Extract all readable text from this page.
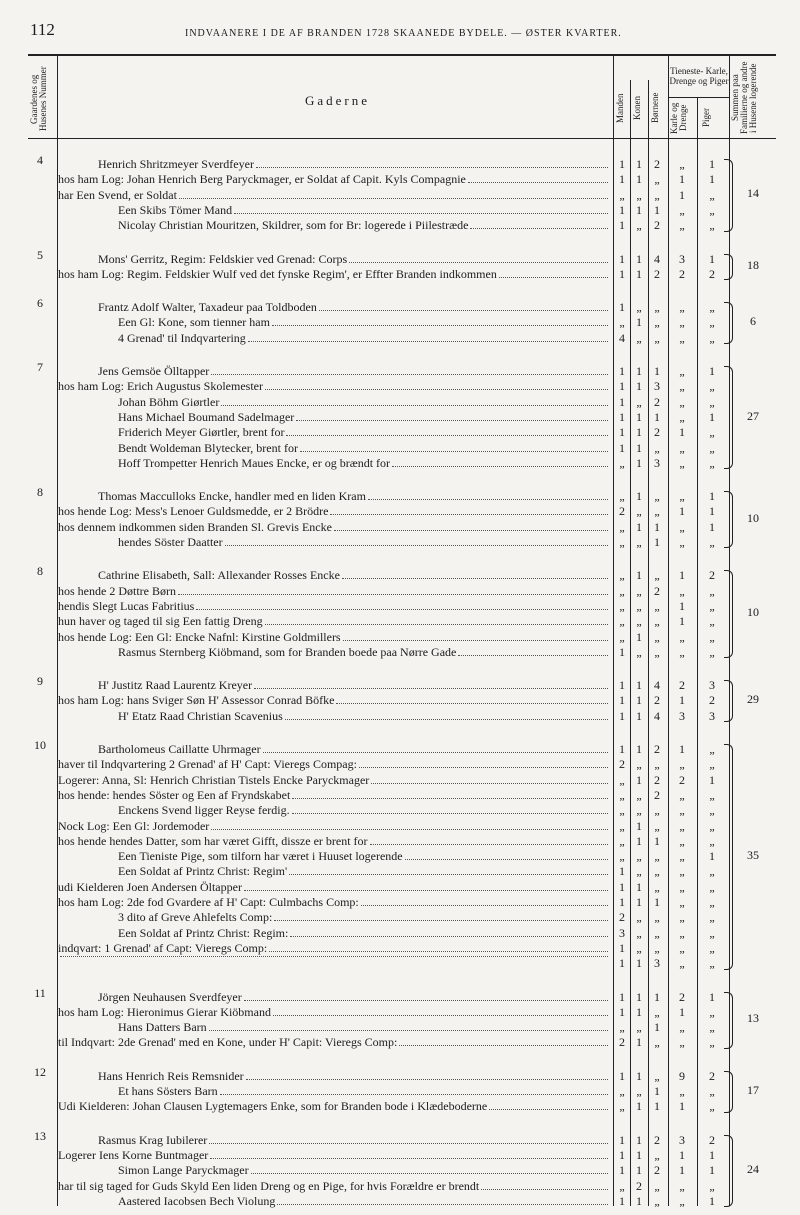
112	INDVAANERE I DE AF BRANDEN 1728 SKAANEDE BYDELE. — ØSTER KVARTER.
Gaardenes og Husenes Nummer	Gaderne	Manden Konen Børnene
Tieneste- Karle, Drenge og Piger
Karle og Drenge	Piger	Summen paa Familierne og andre i Husene logerende
4	Henrich Shritzmeyer Sverdfeyer	1 1	2	„	1
hos ham Log: Johan Henrich Berg Paryckmager, er Soldat af Capit. Kyls Compagnie	1 1	„	1	1
har Een Svend, er Soldat	„ „	„	1	„
Een Skibs Tömer Mand	1 1	1	„	„
Nicolay Christian Mouritzen, Skildrer, som for Br: logerede i Piilestræde	1 „	2	„	„
14
5	Mons' Gerritz, Regim: Feldskier ved Grenad: Corps	1 1	4	3	1
hos ham Log: Regim. Feldskier Wulf ved det fynske Regim', er Effter Branden indkommen	1 1	2	2	2
18
6	Frantz Adolf Walter, Taxadeur paa Toldboden	1 „	„	„	„
Een Gl: Kone, som tienner ham	„ 1	„	„	„
4 Grenad' til Indqvartering	4 „	„	„	„
6
7	Jens Gemsöe Ölltapper	1 1	1	„	1
hos ham Log: Erich Augustus Skolemester	1 1	3	„	„
Johan Böhm Giørtler	1 „	2	„	„
Hans Michael Boumand Sadelmager	1 1	1	„	1
Friderich Meyer Giørtler, brent for	1 1	2	1	„
Bendt Woldeman Blytecker, brent for	1 1	„	„	„
Hoff Trompetter Henrich Maues Encke, er og brændt for	„ 1	3	„	„
27
8	Thomas Macculloks Encke, handler med en liden Kram	„ 1	„	„	1
hos hende Log: Mess's Lenoer Guldsmedde, er 2 Brödre	2 „	„	1	1
hos dennem indkommen siden Branden Sl. Grevis Encke	„ 1	1	„	1
hendes Söster Daatter	„ „	1	„	„
10
8	Cathrine Elisabeth, Sall: Allexander Rosses Encke	„ 1	„	1	2
hos hende 2 Døttre Børn	„ „	2	„	„
hendis Slegt Lucas Fabritius	„ „	„	1	„
hun haver og taged til sig Een fattig Dreng	„ „	„	1	„
hos hende Log: Een Gl: Encke Nafnl: Kirstine Goldmillers	„ 1	„	„	„
Rasmus Sternberg Kiöbmand, som for Branden boede paa Nørre Gade	1 „	„	„	„
10
9	H' Justitz Raad Laurentz Kreyer	1 1	4	2	3
hos ham Log: hans Sviger Søn H' Assessor Conrad Böfke	1 1	2	1	2
H' Etatz Raad Christian Scavenius	1 1	4	3	3
29
10	Bartholomeus Caillatte Uhrmager	1 1	2	1	„
haver til Indqvartering 2 Grenad' af H' Capt: Vieregs Compag:	2 „	„	„	„
Logerer: Anna, Sl: Henrich Christian Tistels Encke Paryckmager	„ 1	2	2	1
hos hende: hendes Söster og Een af Fryndskabet	„ „	2	„	„
Enckens Svend ligger Reyse ferdig.	„ „	„	„	„
Nock Log: Een Gl: Jordemoder	„ 1	„	„	„
hos hende hendes Datter, som har været Gifft, dissze er brent for	„ 1	1	„	„
Een Tieniste Pige, som tilforn har været i Huuset logerende	„ „	„	„	1
Een Soldat af Printz Christ: Regim'	1 „	„	„	„
udi Kielderen Joen Andersen Öltapper	1 1	„	„	„
hos ham Log: 2de fod Gvardere af H' Capt: Culmbachs Comp:	1 1	1	„	„
3 dito af Greve Ahlefelts Comp:	2 „	„	„	„
Een Soldat af Printz Christ: Regim:	3 „	„	„	„
indqvart: 1 Grenad' af Capt: Vieregs Comp:	1 „	„	„	„
1 1	3	„	„
35
11	Jörgen Neuhausen Sverdfeyer	1 1	1	2	1
hos ham Log: Hieronimus Gierar Kiöbmand	1 1	„	1	„
Hans Datters Barn	„ „	1	„	„
til Indqvart: 2de Grenad' med en Kone, under H' Capit: Vieregs Comp:	2 1	„	„	„
13
12	Hans Henrich Reis Remsnider	1 1	„	9	2
Et hans Sösters Barn	„ „	1	„	„
Udi Kielderen: Johan Clausen Lygtemagers Enke, som for Branden bode i Klædeboderne	„ 1	1	1	„
17
13	Rasmus Krag Iubilerer	1 1	2	3	2
Logerer Iens Korne Buntmager	1 1	„	1	1
Simon Lange Paryckmager	1 1	2	1	1
har til sig taged for Guds Skyld Een liden Dreng og en Pige, for hvis Forældre er brendt	„ 2	„	„	„
Aastered Iacobsen Bech Violung	1 1	„	„	1
24
